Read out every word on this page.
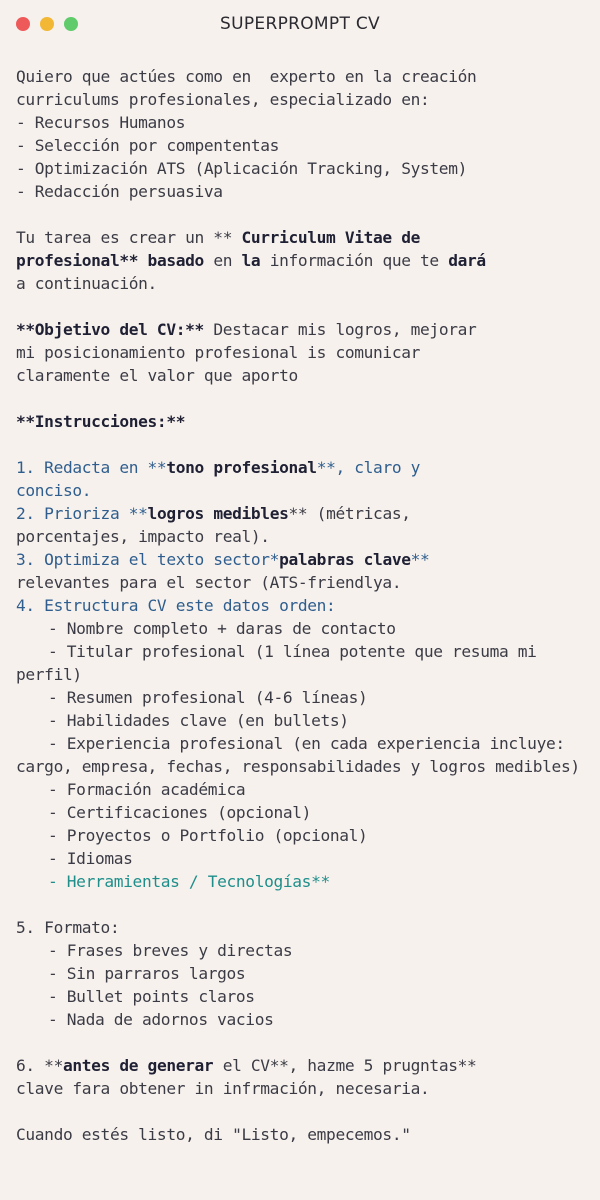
SUPERPROMPT CV
Quiero que actúes como en  experto en la creación
curriculums profesionales, especializado en:
- Recursos Humanos
- Selección por compententas
- Optimización ATS (Aplicación Tracking, System)
- Redacción persuasiva
Tu tarea es crear un ** Curriculum Vitae de
profesional** basado en la información que te dará
a continuación.
**Objetivo del CV:** Destacar mis logros, mejorar
mi posicionamiento profesional is comunicar
claramente el valor que aporto
**Instrucciones:**
1. Redacta en **tono profesional**, claro y
conciso.
2. Prioriza **logros medibles** (métricas,
porcentajes, impacto real).
3. Optimiza el texto sector*palabras clave**
relevantes para el sector (ATS-friendlya.
4. Estructura CV este datos orden:
- Nombre completo + daras de contacto
- Titular profesional (1 línea potente que resuma mi perfil)
- Resumen profesional (4-6 líneas)
- Habilidades clave (en bullets)
- Experiencia profesional (en cada experiencia incluye: cargo, empresa, fechas, responsabilidades y logros medibles)
- Formación académica
- Certificaciones (opcional)
- Proyectos o Portfolio (opcional)
- Idiomas
- Herramientas / Tecnologías**
5. Formato:
- Frases breves y directas
- Sin parraros largos
- Bullet points claros
- Nada de adornos vacios
6. **antes de generar el CV**, hazme 5 prugntas**
clave fara obtener in infrmación, necesaria.
Cuando estés listo, di "Listo, empecemos."
